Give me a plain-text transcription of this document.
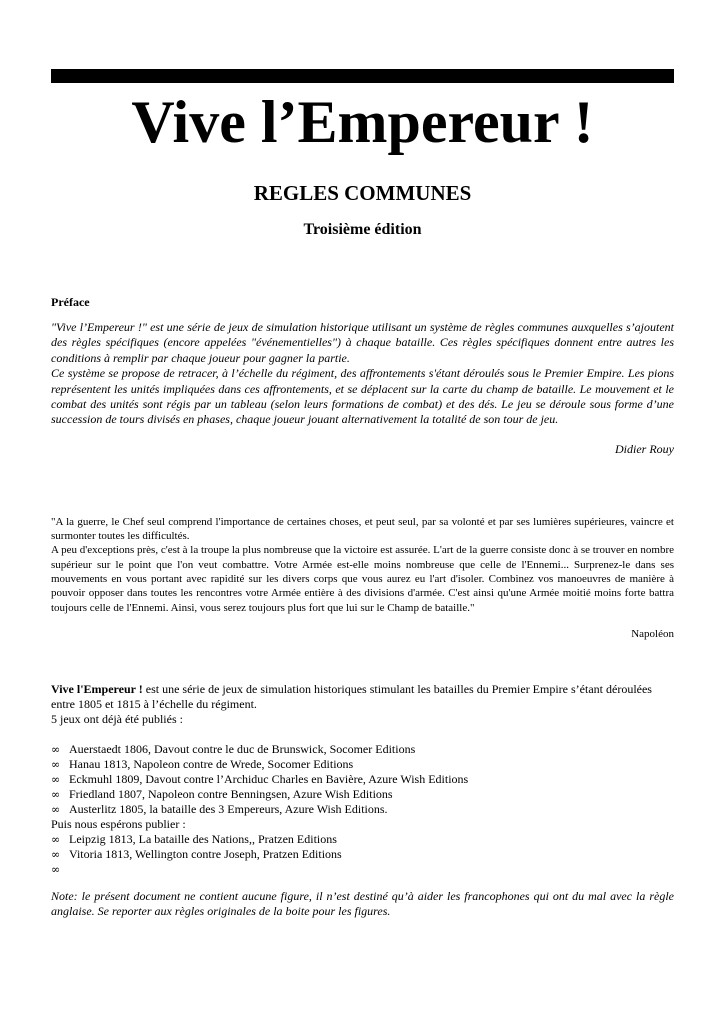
Vive l’Empereur !
REGLES COMMUNES
Troisième édition
Préface

"Vive l’Empereur !" est une série de jeux de simulation historique utilisant un système de règles communes auxquelles s’ajoutent des règles spécifiques (encore appelées "événementielles") à chaque bataille. Ces règles spécifiques donnent entre autres les conditions à remplir par chaque joueur pour gagner la partie.

Ce système se propose de retracer, à l’échelle du régiment, des affrontements s'étant déroulés sous le Premier Empire. Les pions représentent les unités impliquées dans ces affrontements, et se déplacent sur la carte du champ de bataille. Le mouvement et le combat des unités sont régis par un tableau (selon leurs formations de combat) et des dés. Le jeu se déroule sous forme d’une succession de tours divisés en phases, chaque joueur jouant alternativement la totalité de son tour de jeu.

Didier Rouy

"A la guerre, le Chef seul comprend l'importance de certaines choses, et peut seul, par sa volonté et par ses lumières supérieures, vaincre et surmonter toutes les difficultés.

A peu d'exceptions près, c'est à la troupe la plus nombreuse que la victoire est assurée. L'art de la guerre consiste donc à se trouver en nombre supérieur sur le point que l'on veut combattre. Votre Armée est-elle moins nombreuse que celle de l'Ennemi... Surprenez-le dans ses mouvements en vous portant avec rapidité sur les divers corps que vous aurez eu l'art d'isoler. Combinez vos manoeuvres de manière à pouvoir opposer dans toutes les rencontres votre Armée entière à des divisions d'armée. C'est ainsi qu'une Armée moitié moins forte battra toujours celle de l'Ennemi. Ainsi, vous serez toujours plus fort que lui sur le Champ de bataille."

Napoléon
Vive l'Empereur ! est une série de jeux de simulation historiques stimulant les batailles du Premier Empire s’étant déroulées entre 1805 et 1815 à l’échelle du régiment.
5 jeux ont déjà été publiés :
∞ Auerstaedt 1806, Davout contre le duc de Brunswick, Socomer Editions
∞ Hanau 1813, Napoleon contre de Wrede, Socomer Editions
∞ Eckmuhl 1809, Davout contre l’Archiduc Charles en Bavière, Azure Wish Editions
∞ Friedland 1807, Napoleon contre Benningsen, Azure Wish Editions
∞ Austerlitz 1805, la bataille des 3 Empereurs, Azure Wish Editions.
Puis nous espérons publier :
∞ Leipzig 1813, La bataille des Nations,, Pratzen Editions
∞ Vitoria 1813, Wellington contre Joseph, Pratzen Editions
∞
Note: le présent document ne contient aucune figure, il n’est destiné qu’à aider les francophones qui ont du mal avec la règle anglaise. Se reporter aux règles originales de la boite pour les figures.
